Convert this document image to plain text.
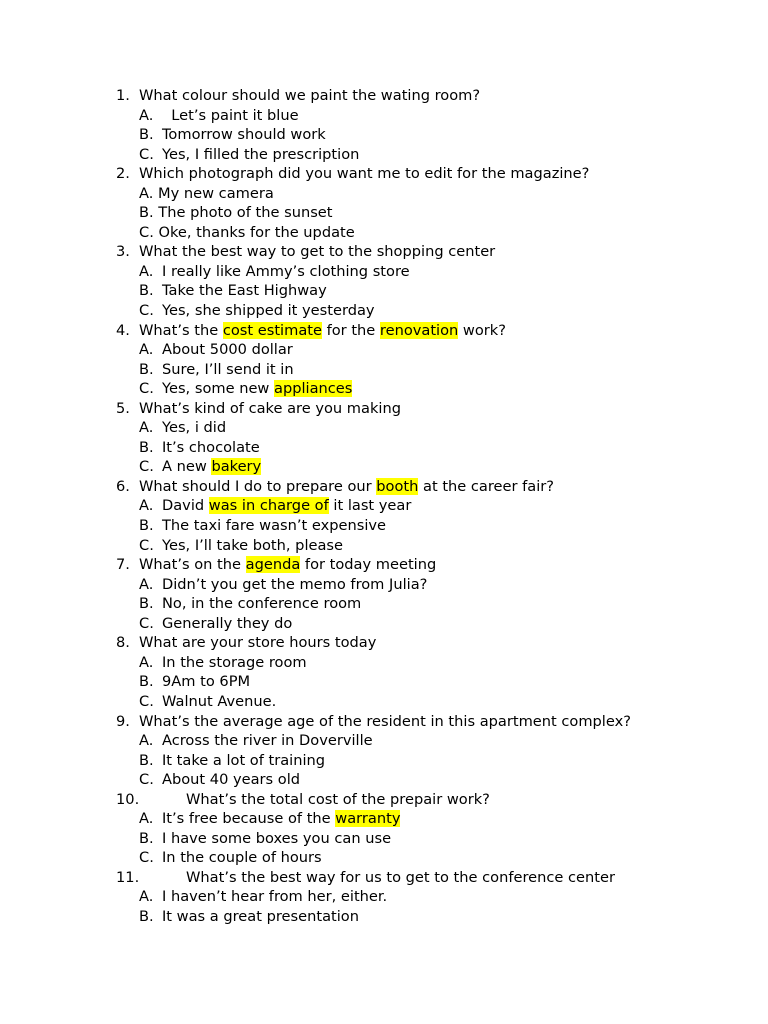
1. What colour should we paint the wating room?
A. Let’s paint it blue
B. Tomorrow should work
C. Yes, I filled the prescription
2. Which photograph did you want me to edit for the magazine?
A. My new camera
B. The photo of the sunset
C. Oke, thanks for the update
3. What the best way to get to the shopping center
A. I really like Ammy’s clothing store
B. Take the East Highway
C. Yes, she shipped it yesterday
4. What’s the cost estimate for the renovation work?
A. About 5000 dollar
B. Sure, I’ll send it in
C. Yes, some new appliances
5. What’s kind of cake are you making
A. Yes, i did
B. It’s chocolate
C. A new bakery
6. What should I do to prepare our booth at the career fair?
A. David was in charge of it last year
B. The taxi fare wasn’t expensive
C. Yes, I’ll take both, please
7. What’s on the agenda for today meeting
A. Didn’t you get the memo from Julia?
B. No, in the conference room
C. Generally they do
8. What are your store hours today
A. In the storage room
B. 9Am to 6PM
C. Walnut Avenue.
9. What’s the average age of the resident in this apartment complex?
A. Across the river in Doverville
B. It take a lot of training
C. About 40 years old
10.	What’s the total cost of the prepair work?
A. It’s free because of the warranty
B. I have some boxes you can use
C. In the couple of hours
11.	What’s the best way for us to get to the conference center
A. I haven’t hear from her, either.
B. It was a great presentation
